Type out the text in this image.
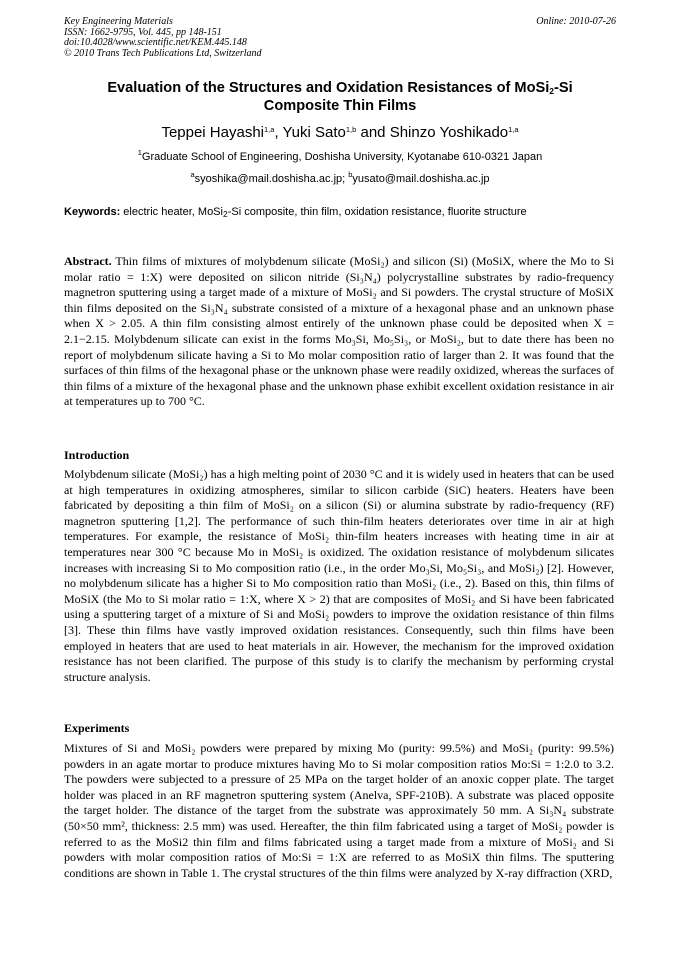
Key Engineering Materials
ISSN: 1662-9795, Vol. 445, pp 148-151
doi:10.4028/www.scientific.net/KEM.445.148
© 2010 Trans Tech Publications Ltd, Switzerland
Online: 2010-07-26
Evaluation of the Structures and Oxidation Resistances of MoSi$_2$-Si
Composite Thin Films
Teppei Hayashi$^{1,a}$, Yuki Sato$^{1,b}$ and Shinzo Yoshikado$^{1,a}$
$^1$Graduate School of Engineering, Doshisha University, Kyotanabe 610-0321 Japan
$^a$syoshika@mail.doshisha.ac.jp; $^b$yusato@mail.doshisha.ac.jp
Keywords: electric heater, MoSi$_2$-Si composite, thin film, oxidation resistance, fluorite structure

Abstract. Thin films of mixtures of molybdenum silicate (MoSi₂) and silicon (Si) (MoSiX, where the Mo to Si molar ratio = 1:X) were deposited on silicon nitride (Si₃N₄) polycrystalline substrates by radio-frequency magnetron sputtering using a target made of a mixture of MoSi₂ and Si powders. The crystal structure of MoSiX thin films deposited on the Si₃N₄ substrate consisted of a mixture of a hexagonal phase and an unknown phase when X > 2.05. A thin film consisting almost entirely of the unknown phase could be deposited when X = 2.1−2.15. Molybdenum silicate can exist in the forms Mo₃Si, Mo₅Si₃, or MoSi₂, but to date there has been no report of molybdenum silicate having a Si to Mo molar composition ratio of larger than 2. It was found that the surfaces of thin films of the hexagonal phase or the unknown phase were readily oxidized, whereas the surfaces of thin films of a mixture of the hexagonal phase and the unknown phase exhibit excellent oxidation resistance in air at temperatures up to 700 °C.

Introduction

Molybdenum silicate (MoSi₂) has a high melting point of 2030 °C and it is widely used in heaters that can be used at high temperatures in oxidizing atmospheres, similar to silicon carbide (SiC) heaters. Heaters have been fabricated by depositing a thin film of MoSi₂ on a silicon (Si) or alumina substrate by radio-frequency (RF) magnetron sputtering [1,2]. The performance of such thin-film heaters deteriorates over time in air at high temperatures. For example, the resistance of MoSi₂ thin-film heaters increases with heating time in air at temperatures near 300 °C because Mo in MoSi₂ is oxidized. The oxidation resistance of molybdenum silicates increases with increasing Si to Mo composition ratio (i.e., in the order Mo₃Si, Mo₅Si₃, and MoSi₂) [2]. However, no molybdenum silicate has a higher Si to Mo composition ratio than MoSi₂ (i.e., 2). Based on this, thin films of MoSiX (the Mo to Si molar ratio = 1:X, where X > 2) that are composites of MoSi₂ and Si have been fabricated using a sputtering target of a mixture of Si and MoSi₂ powders to improve the oxidation resistance of thin films [3]. These thin films have vastly improved oxidation resistances. Consequently, such thin films have been employed in heaters that are used to heat materials in air. However, the mechanism for the improved oxidation resistance has not been clarified. The purpose of this study is to clarify the mechanism by performing crystal structure analysis.

Experiments

Mixtures of Si and MoSi₂ powders were prepared by mixing Mo (purity: 99.5%) and MoSi₂ (purity: 99.5%) powders in an agate mortar to produce mixtures having Mo to Si molar composition ratios Mo:Si = 1:2.0 to 3.2. The powders were subjected to a pressure of 25 MPa on the target holder of an anoxic copper plate. The target holder was placed in an RF magnetron sputtering system (Anelva, SPF-210B). A substrate was placed opposite the target holder. The distance of the target from the substrate was approximately 50 mm. A Si₃N₄ substrate (50×50 mm², thickness: 2.5 mm) was used. Hereafter, the thin film fabricated using a target of MoSi₂ powder is referred to as the MoSi2 thin film and films fabricated using a target made from a mixture of MoSi₂ and Si powders with molar composition ratios of Mo:Si = 1:X are referred to as MoSiX thin films. The sputtering conditions are shown in Table 1. The crystal structures of the thin films were analyzed by X-ray diffraction (XRD,
